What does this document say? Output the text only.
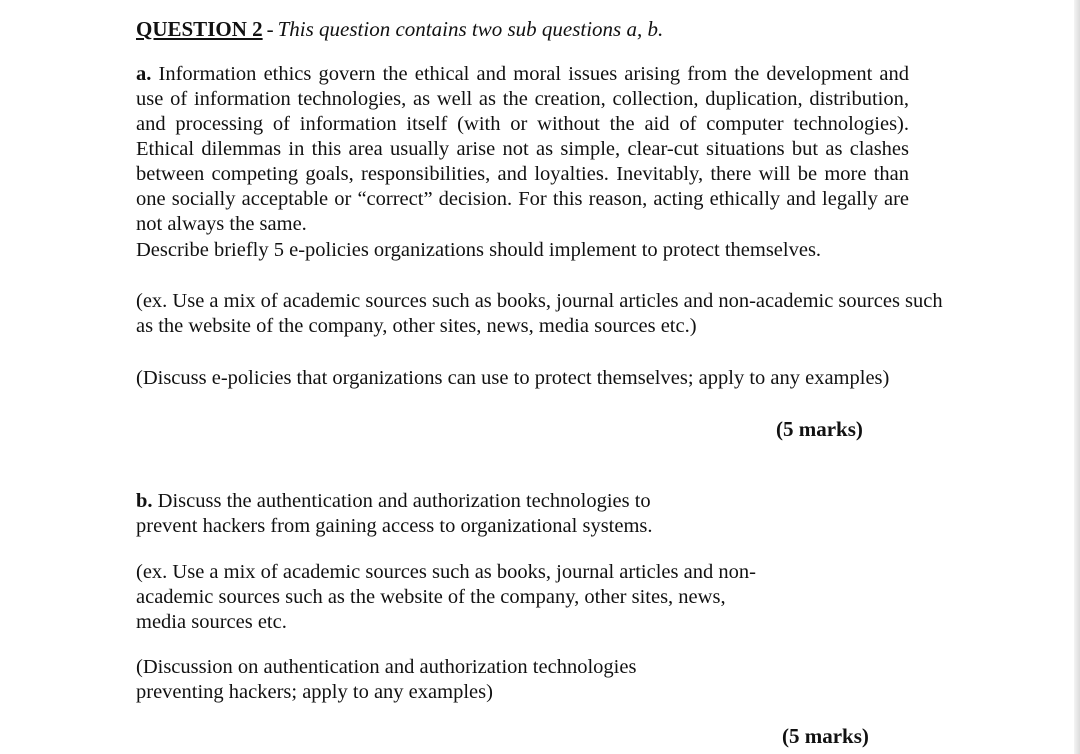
QUESTION 2 - This question contains two sub questions a, b.
a. Information ethics govern the ethical and moral issues arising from the development and use of information technologies, as well as the creation, collection, duplication, distribution, and processing of information itself (with or without the aid of computer technologies). Ethical dilemmas in this area usually arise not as simple, clear-cut situations but as clashes between competing goals, responsibilities, and loyalties. Inevitably, there will be more than one socially acceptable or “correct” decision. For this reason, acting ethically and legally are not always the same.
Describe briefly 5 e-policies organizations should implement to protect themselves.
(ex. Use a mix of academic sources such as books, journal articles and non-academic sources such as the website of the company, other sites, news, media sources etc.)
(Discuss e-policies that organizations can use to protect themselves; apply to any examples)
(5 marks)
b. Discuss the authentication and authorization technologies to prevent hackers from gaining access to organizational systems.
(ex. Use a mix of academic sources such as books, journal articles and non-academic sources such as the website of the company, other sites, news, media sources etc.
(Discussion on authentication and authorization technologies preventing hackers; apply to any examples)
(5 marks)
